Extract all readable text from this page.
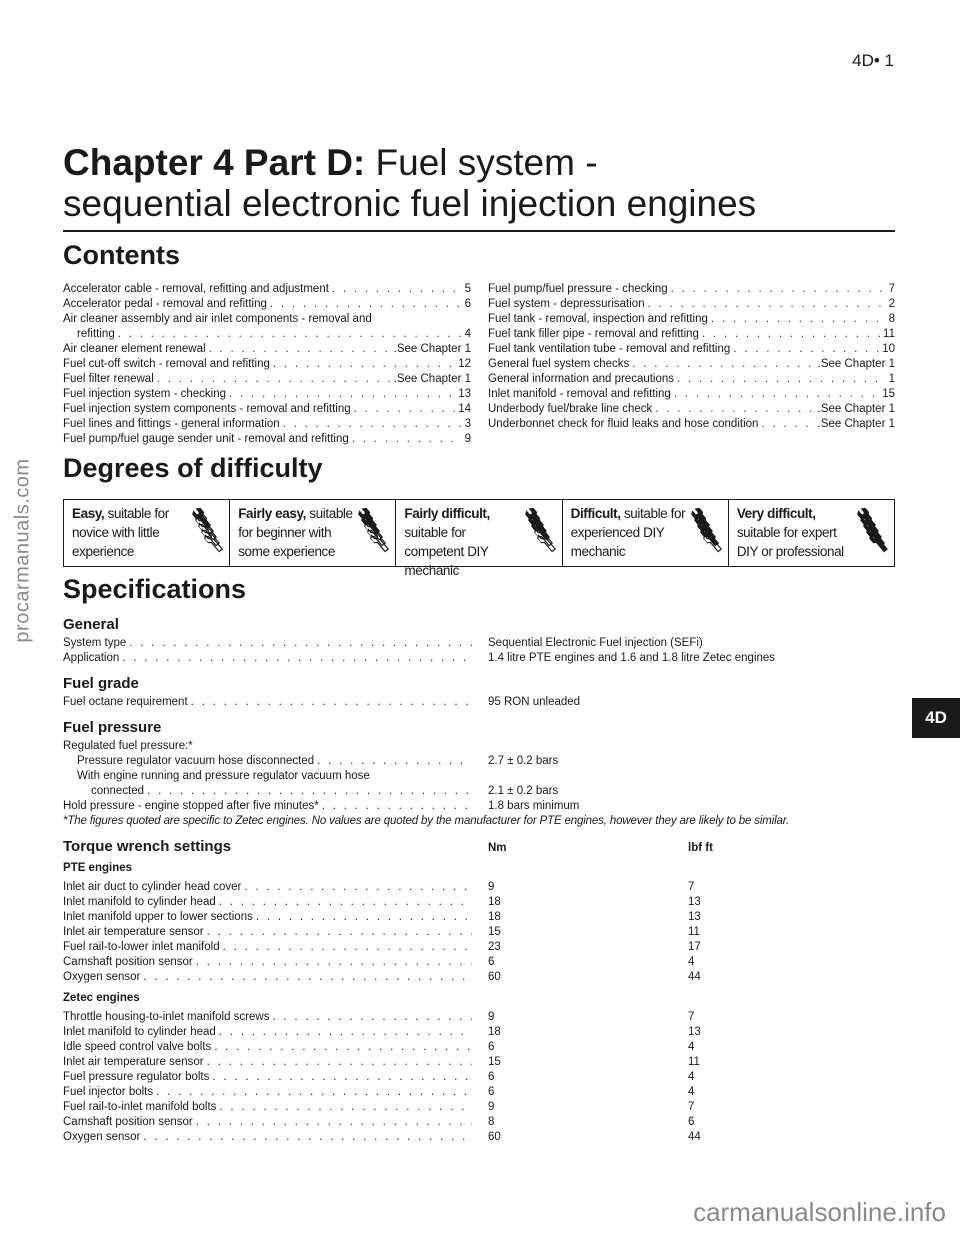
4D• 1
procarmanuals.com
carmanualsonline.info
4D
Chapter 4 Part D: Fuel system -
sequential electronic fuel injection engines
Contents
Accelerator cable - removal, refitting and adjustment . . .	5
Accelerator pedal - removal and refitting . . .	6
Air cleaner assembly and air inlet components - removal and
refitting . . .	4
Air cleaner element renewal . . .	.See Chapter 1
Fuel cut-off switch - removal and refitting . . .	12
Fuel filter renewal . . .	.See Chapter 1
Fuel injection system - checking . . .	13
Fuel injection system components - removal and refitting . . .	14
Fuel lines and fittings - general information . . .	3
Fuel pump/fuel gauge sender unit - removal and refitting . . .	9
Fuel pump/fuel pressure - checking . . .	7
Fuel system - depressurisation . . .	2
Fuel tank - removal, inspection and refitting . . .	8
Fuel tank filler pipe - removal and refitting . . .	11
Fuel tank ventilation tube - removal and refitting . . .	10
General fuel system checks . . .	.See Chapter 1
General information and precautions . . .	1
Inlet manifold - removal and refitting . . .	15
Underbody fuel/brake line check . . .	.See Chapter 1
Underbonnet check for fluid leaks and hose condition . . .	.See Chapter 1
Degrees of difficulty
Easy, suitable for novice with little experience
Fairly easy, suitable for beginner with some experience
Fairly difficult, suitable for competent DIY mechanic
Difficult, suitable for experienced DIY mechanic
Very difficult, suitable for expert DIY or professional
Specifications
General
System type . . .	Sequential Electronic Fuel injection (SEFi)
Application . . .	1.4 litre PTE engines and 1.6 and 1.8 litre Zetec engines
Fuel grade
Fuel octane requirement . . .	95 RON unleaded
Fuel pressure
Regulated fuel pressure:*
Pressure regulator vacuum hose disconnected . . .	2.7 ± 0.2 bars
With engine running and pressure regulator vacuum hose
connected . . .	2.1 ± 0.2 bars
Hold pressure - engine stopped after five minutes* . . .	1.8 bars minimum
*The figures quoted are specific to Zetec engines. No values are quoted by the manufacturer for PTE engines, however they are likely to be similar.
Torque wrench settings	Nm	lbf ft
PTE engines
Inlet air duct to cylinder head cover . . .	9	7
Inlet manifold to cylinder head . . .	18	13
Inlet manifold upper to lower sections . . .	18	13
Inlet air temperature sensor . . .	15	11
Fuel rail-to-lower inlet manifold . . .	23	17
Camshaft position sensor . . .	6	4
Oxygen sensor . . .	60	44
Zetec engines
Throttle housing-to-inlet manifold screws . . .	9	7
Inlet manifold to cylinder head . . .	18	13
Idle speed control valve bolts . . .	6	4
Inlet air temperature sensor . . .	15	11
Fuel pressure regulator bolts . . .	6	4
Fuel injector bolts . . .	6	4
Fuel rail-to-inlet manifold bolts . . .	9	7
Camshaft position sensor . . .	8	6
Oxygen sensor . . .	60	44
